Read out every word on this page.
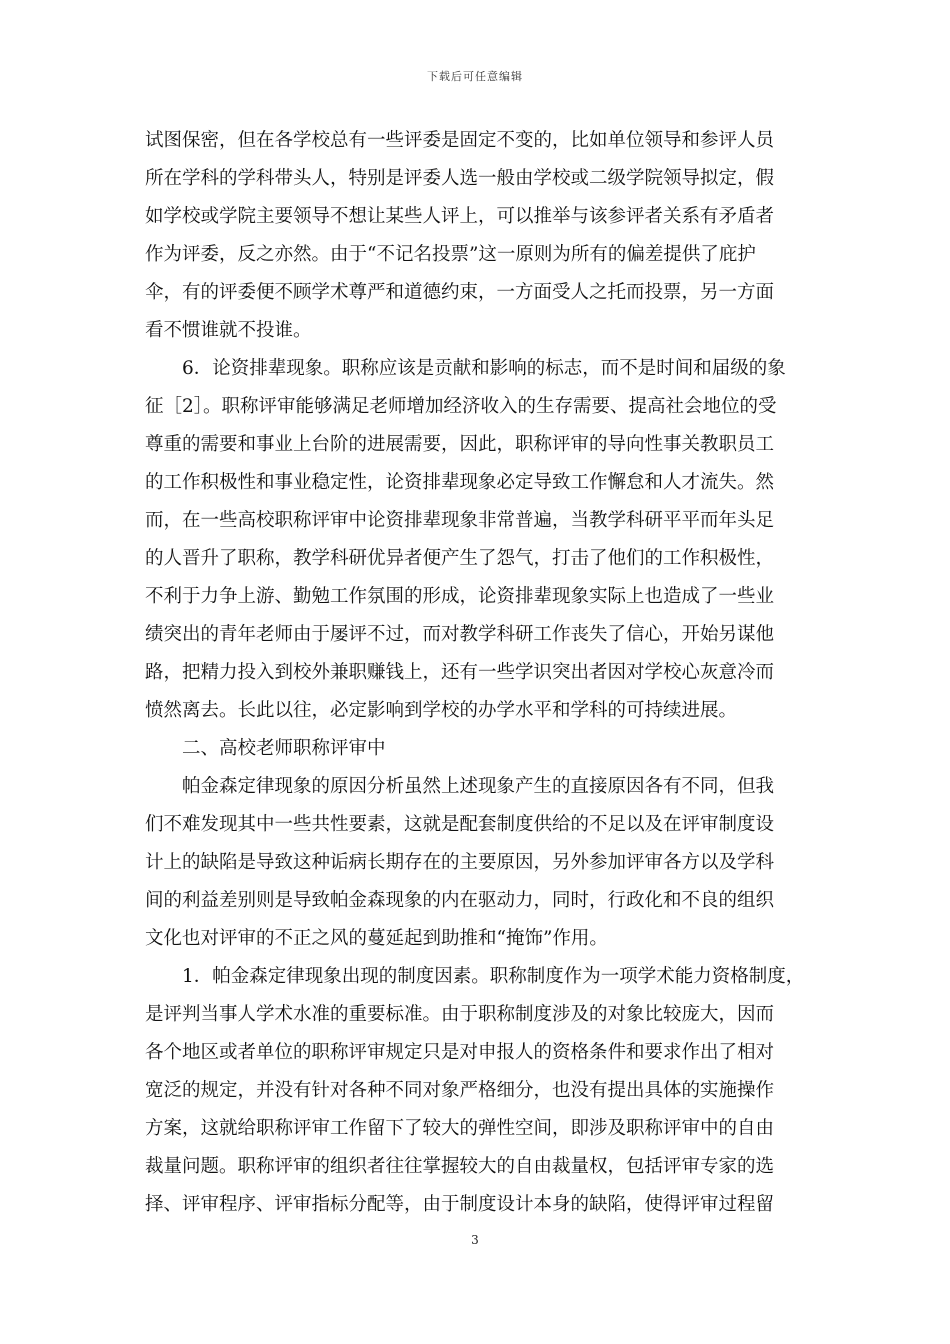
下载后可任意编辑
试图保密，但在各学校总有一些评委是固定不变的，比如单位领导和参评人员
所在学科的学科带头人，特别是评委人选一般由学校或二级学院领导拟定，假
如学校或学院主要领导不想让某些人评上，可以推举与该参评者关系有矛盾者
作为评委，反之亦然。由于“不记名投票”这一原则为所有的偏差提供了庇护
伞，有的评委便不顾学术尊严和道德约束，一方面受人之托而投票，另一方面
看不惯谁就不投谁。
6．论资排辈现象。职称应该是贡献和影响的标志，而不是时间和届级的象
征［2］。职称评审能够满足老师增加经济收入的生存需要、提高社会地位的受
尊重的需要和事业上台阶的进展需要，因此，职称评审的导向性事关教职员工
的工作积极性和事业稳定性，论资排辈现象必定导致工作懈怠和人才流失。然
而，在一些高校职称评审中论资排辈现象非常普遍，当教学科研平平而年头足
的人晋升了职称，教学科研优异者便产生了怨气，打击了他们的工作积极性，
不利于力争上游、勤勉工作氛围的形成，论资排辈现象实际上也造成了一些业
绩突出的青年老师由于屡评不过，而对教学科研工作丧失了信心，开始另谋他
路，把精力投入到校外兼职赚钱上，还有一些学识突出者因对学校心灰意冷而
愤然离去。长此以往，必定影响到学校的办学水平和学科的可持续进展。
二、高校老师职称评审中
帕金森定律现象的原因分析虽然上述现象产生的直接原因各有不同，但我
们不难发现其中一些共性要素，这就是配套制度供给的不足以及在评审制度设
计上的缺陷是导致这种诟病长期存在的主要原因，另外参加评审各方以及学科
间的利益差别则是导致帕金森现象的内在驱动力，同时，行政化和不良的组织
文化也对评审的不正之风的蔓延起到助推和“掩饰”作用。
1．帕金森定律现象出现的制度因素。职称制度作为一项学术能力资格制度，
是评判当事人学术水准的重要标准。由于职称制度涉及的对象比较庞大，因而
各个地区或者单位的职称评审规定只是对申报人的资格条件和要求作出了相对
宽泛的规定，并没有针对各种不同对象严格细分，也没有提出具体的实施操作
方案，这就给职称评审工作留下了较大的弹性空间，即涉及职称评审中的自由
裁量问题。职称评审的组织者往往掌握较大的自由裁量权，包括评审专家的选
择、评审程序、评审指标分配等，由于制度设计本身的缺陷，使得评审过程留
3
